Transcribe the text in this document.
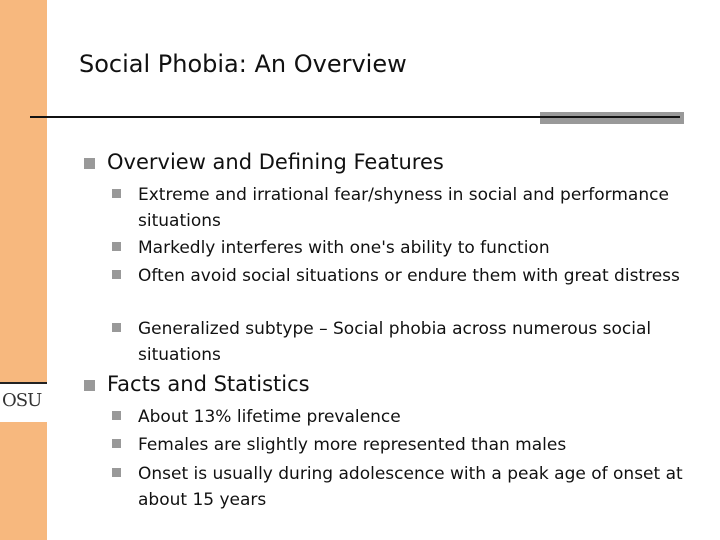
OSU
Social Phobia: An Overview
Overview and Defining Features
Extreme and irrational fear/shyness in social and performance situations
Markedly interferes with one's ability to function
Often avoid social situations or endure them with great distress
Generalized subtype – Social phobia across numerous social situations
Facts and Statistics
About 13% lifetime prevalence
Females are slightly more represented than males
Onset is usually during adolescence with a peak age of onset at about 15 years
